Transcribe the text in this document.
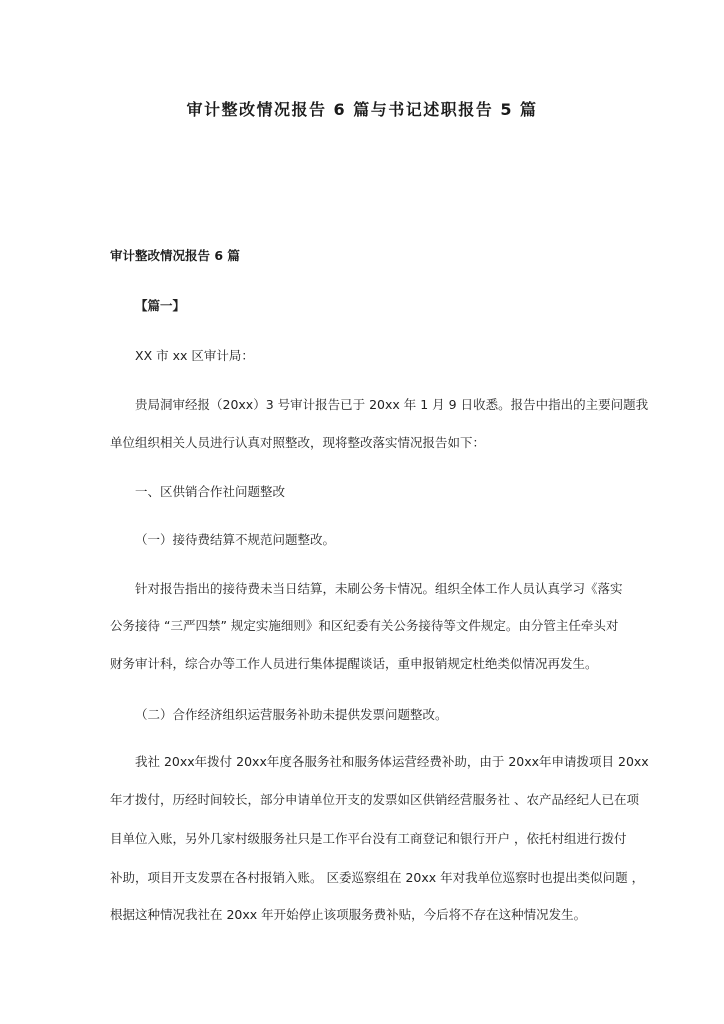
审计整改情况报告 6 篇与书记述职报告 5 篇
审计整改情况报告 6 篇
【篇一】
XX 市 xx 区审计局：
贵局洞审经报（20xx）3 号审计报告已于 20xx 年 1 月 9 日收悉。报告中指出的主要问题我
单位组织相关人员进行认真对照整改，现将整改落实情况报告如下：
一、区供销合作社问题整改
（一）接待费结算不规范问题整改。
针对报告指出的接待费未当日结算，未刷公务卡情况。组织全体工作人员认真学习《落实
公务接待 “三严四禁” 规定实施细则》和区纪委有关公务接待等文件规定。由分管主任牵头对
财务审计科，综合办等工作人员进行集体提醒谈话，重申报销规定杜绝类似情况再发生。
（二）合作经济组织运营服务补助未提供发票问题整改。
我社 20xx年拨付 20xx年度各服务社和服务体运营经费补助，由于 20xx年申请拨项目 20xx
年才拨付，历经时间较长，部分申请单位开支的发票如区供销经营服务社 、农产品经纪人已在项
目单位入账，另外几家村级服务社只是工作平台没有工商登记和银行开户 ，依托村组进行拨付
补助，项目开支发票在各村报销入账。 区委巡察组在 20xx 年对我单位巡察时也提出类似问题 ，
根据这种情况我社在 20xx 年开始停止该项服务费补贴，今后将不存在这种情况发生。
